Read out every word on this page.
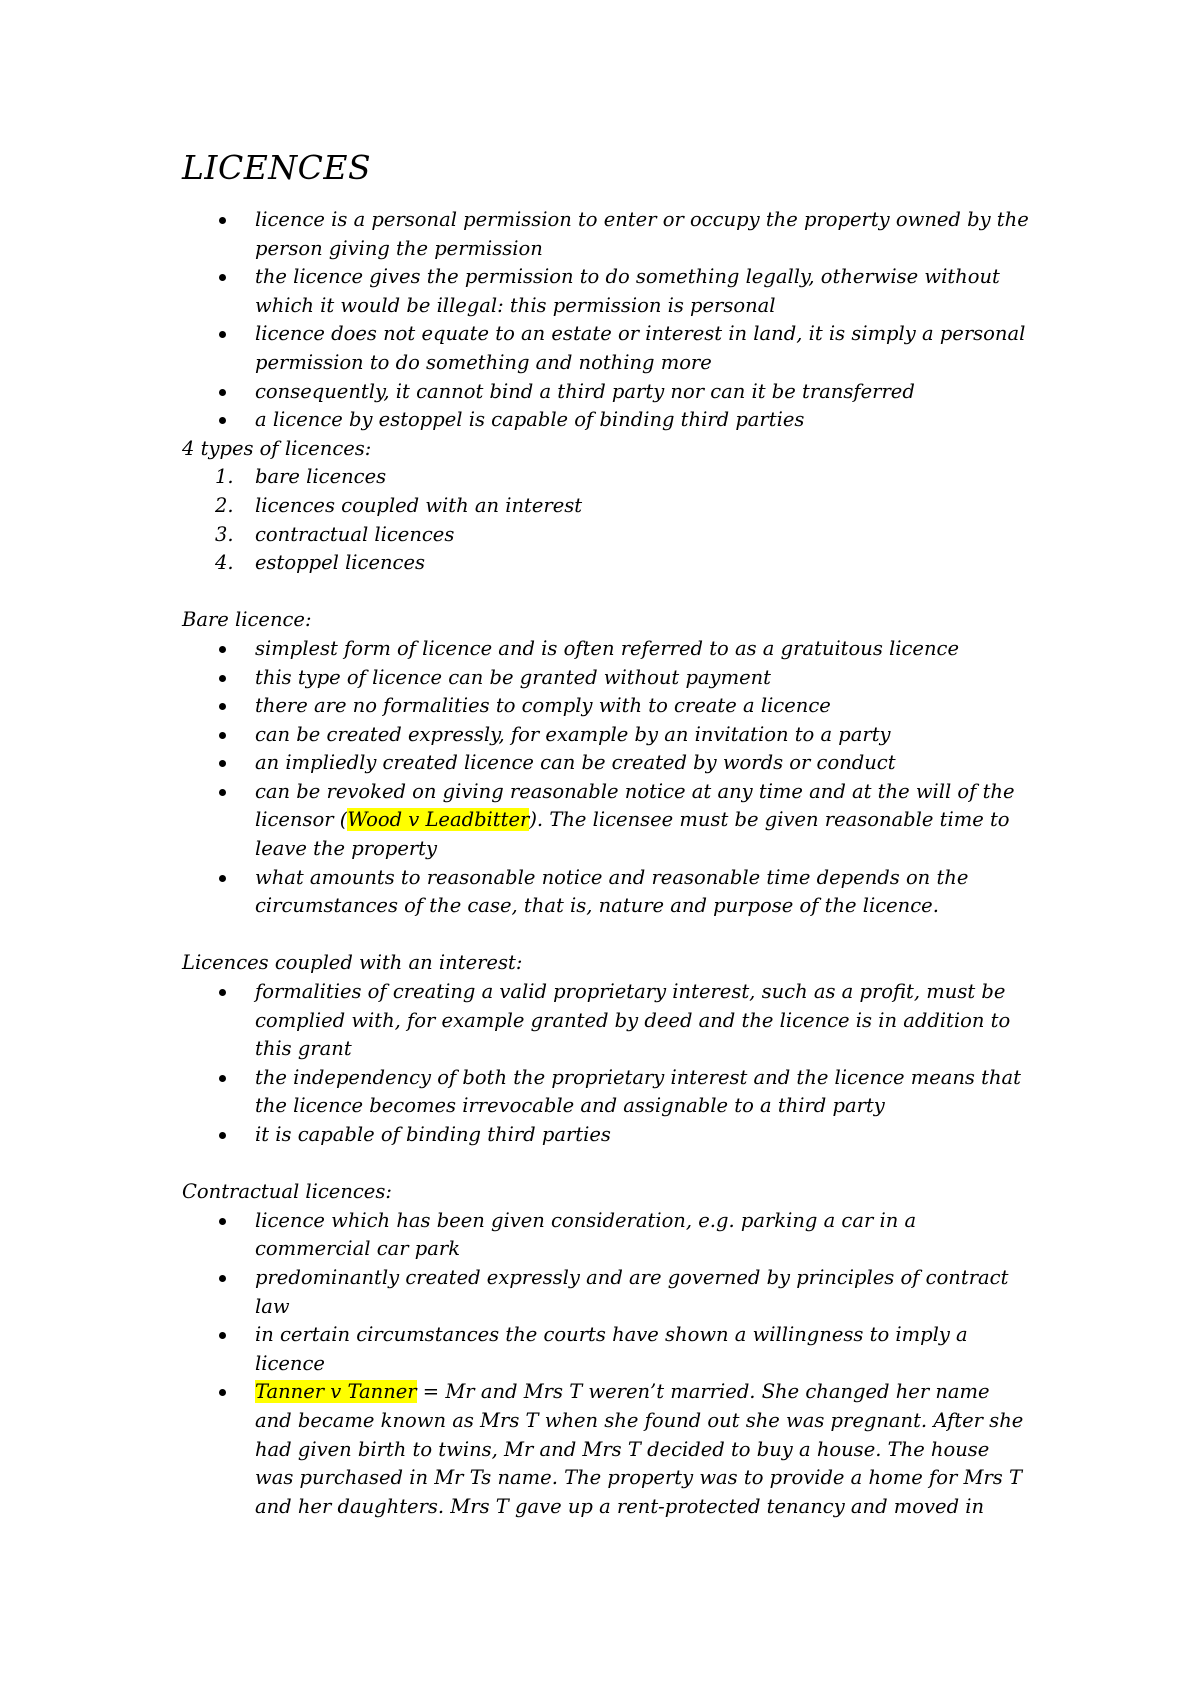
LICENCES
licence is a personal permission to enter or occupy the property owned by the person giving the permission
the licence gives the permission to do something legally, otherwise without which it would be illegal: this permission is personal
licence does not equate to an estate or interest in land, it is simply a personal permission to do something and nothing more
consequently, it cannot bind a third party nor can it be transferred
a licence by estoppel is capable of binding third parties
4 types of licences:
1. bare licences
2. licences coupled with an interest
3. contractual licences
4. estoppel licences
Bare licence:
simplest form of licence and is often referred to as a gratuitous licence
this type of licence can be granted without payment
there are no formalities to comply with to create a licence
can be created expressly, for example by an invitation to a party
an impliedly created licence can be created by words or conduct
can be revoked on giving reasonable notice at any time and at the will of the licensor (Wood v Leadbitter). The licensee must be given reasonable time to leave the property
what amounts to reasonable notice and reasonable time depends on the circumstances of the case, that is, nature and purpose of the licence.
Licences coupled with an interest:
formalities of creating a valid proprietary interest, such as a profit, must be complied with, for example granted by deed and the licence is in addition to this grant
the independency of both the proprietary interest and the licence means that the licence becomes irrevocable and assignable to a third party
it is capable of binding third parties
Contractual licences:
licence which has been given consideration, e.g. parking a car in a commercial car park
predominantly created expressly and are governed by principles of contract law
in certain circumstances the courts have shown a willingness to imply a licence
Tanner v Tanner = Mr and Mrs T weren’t married. She changed her name and became known as Mrs T when she found out she was pregnant. After she had given birth to twins, Mr and Mrs T decided to buy a house. The house was purchased in Mr Ts name. The property was to provide a home for Mrs T and her daughters. Mrs T gave up a rent-protected tenancy and moved in
